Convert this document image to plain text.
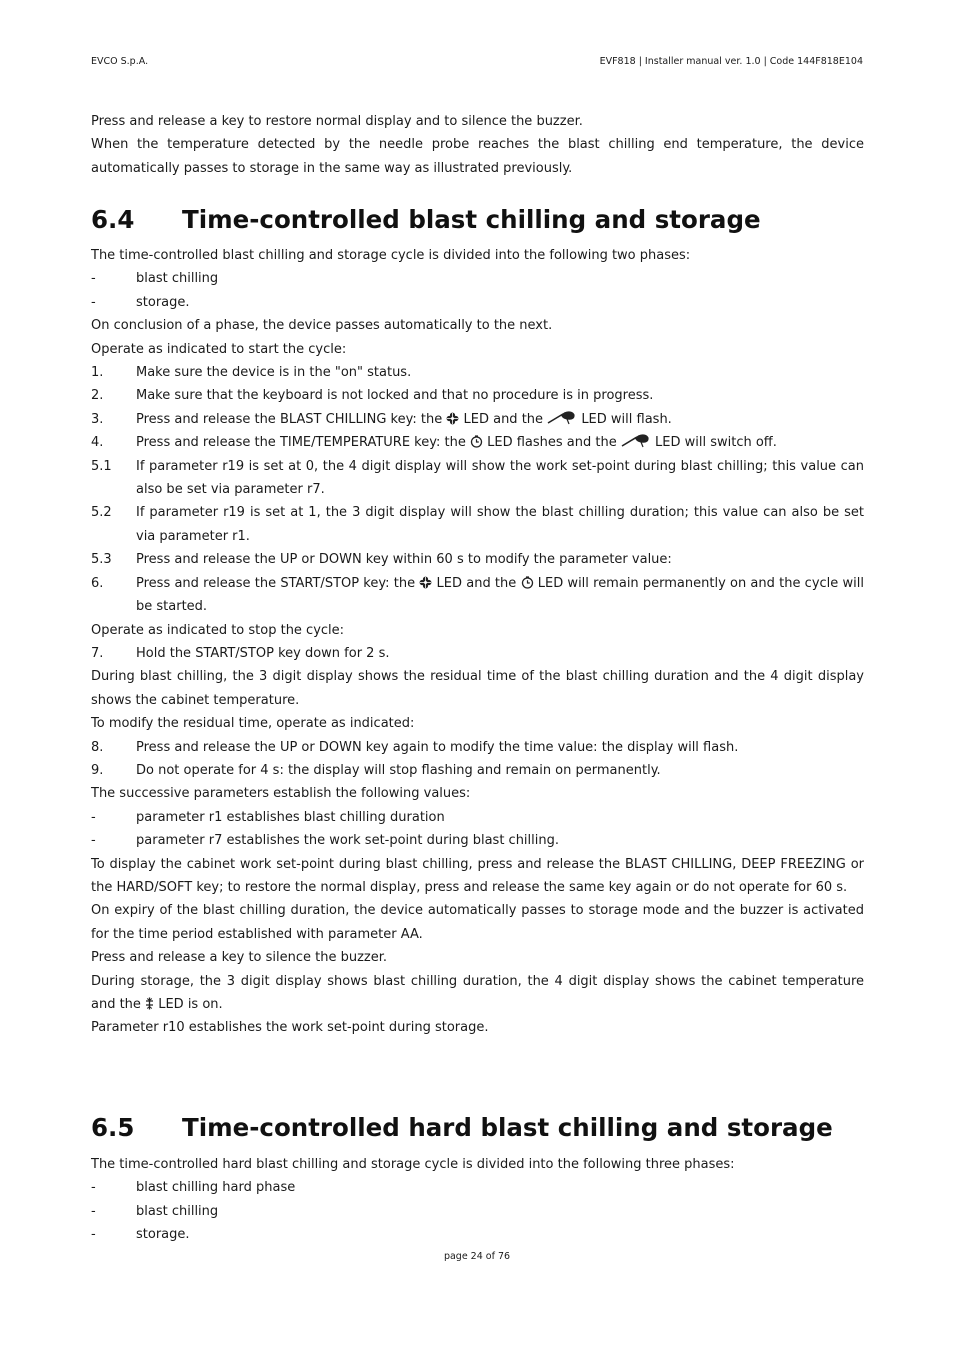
EVCO S.p.A.	EVF818 | Installer manual ver. 1.0 | Code 144F818E104

Press and release a key to restore normal display and to silence the buzzer.

When the temperature detected by the needle probe reaches the blast chilling end temperature, the device automatically passes to storage in the same way as illustrated previously.

6.4 Time-controlled blast chilling and storage

The time-controlled blast chilling and storage cycle is divided into the following two phases:

-	blast chilling
-	storage.

On conclusion of a phase, the device passes automatically to the next.

Operate as indicated to start the cycle:

1.	Make sure the device is in the "on" status.
2.	Make sure that the keyboard is not locked and that no procedure is in progress.
3.	Press and release the BLAST CHILLING key: the LED and the	LED will flash.
4.	Press and release the TIME/TEMPERATURE key: the LED flashes and the	LED will switch off.
5.1	If parameter r19 is set at 0, the 4 digit display will show the work set-point during blast chilling; this value can also be set via parameter r7.
5.2	If parameter r19 is set at 1, the 3 digit display will show the blast chilling duration; this value can also be set via parameter r1.
5.3	Press and release the UP or DOWN key within 60 s to modify the parameter value:
6.	Press and release the START/STOP key: the LED and the LED will remain permanently on and the cycle will be started.

Operate as indicated to stop the cycle:

7.	Hold the START/STOP key down for 2 s.

During blast chilling, the 3 digit display shows the residual time of the blast chilling duration and the 4 digit display shows the cabinet temperature.

To modify the residual time, operate as indicated:

8.	Press and release the UP or DOWN key again to modify the time value: the display will flash.
9.	Do not operate for 4 s: the display will stop flashing and remain on permanently.

The successive parameters establish the following values:

-	parameter r1 establishes blast chilling duration
-	parameter r7 establishes the work set-point during blast chilling.

To display the cabinet work set-point during blast chilling, press and release the BLAST CHILLING, DEEP FREEZING or the HARD/SOFT key; to restore the normal display, press and release the same key again or do not operate for 60 s.

On expiry of the blast chilling duration, the device automatically passes to storage mode and the buzzer is activated for the time period established with parameter AA.

Press and release a key to silence the buzzer.

During storage, the 3 digit display shows blast chilling duration, the 4 digit display shows the cabinet temperature and the LED is on.

Parameter r10 establishes the work set-point during storage.

6.5 Time-controlled hard blast chilling and storage

The time-controlled hard blast chilling and storage cycle is divided into the following three phases:

-	blast chilling hard phase
-	blast chilling
-	storage.
page 24 of 76
